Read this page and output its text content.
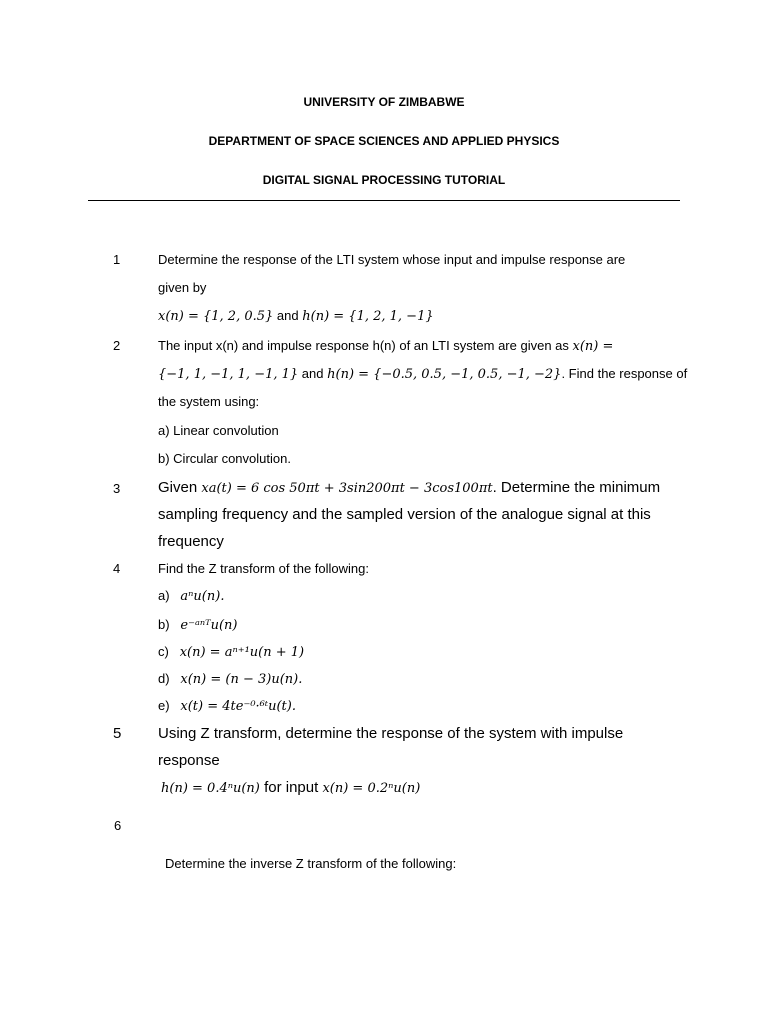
UNIVERSITY OF ZIMBABWE
DEPARTMENT OF SPACE SCIENCES AND APPLIED PHYSICS
DIGITAL SIGNAL PROCESSING TUTORIAL
1	Determine the response of the LTI system whose input and impulse response are
given by
x(n) = {1, 2, 0.5} and h(n) = {1, 2, 1, −1}
2	The input x(n) and impulse response h(n) of an LTI system are given as x(n) =
{−1, 1, −1, 1, −1, 1} and h(n) = {−0.5, 0.5, −1, 0.5, −1, −2}. Find the response of
the system using:
a) Linear convolution
b) Circular convolution.
3	Given xa(t) = 6 cos 50πt + 3sin200πt − 3cos100πt. Determine the minimum
sampling frequency and the sampled version of the analogue signal at this
frequency
4	Find the Z transform of the following:
a) aⁿu(n).
b) e⁻ᵃⁿᵀu(n)
c) x(n) = aⁿ⁺¹u(n + 1)
d) x(n) = (n − 3)u(n).
e) x(t) = 4te⁻⁰·⁶ᵗu(t).
5 Using Z transform, determine the response of the system with impulse
response
h(n) = 0.4ⁿu(n) for input x(n) = 0.2ⁿu(n)
6
Determine the inverse Z transform of the following:
